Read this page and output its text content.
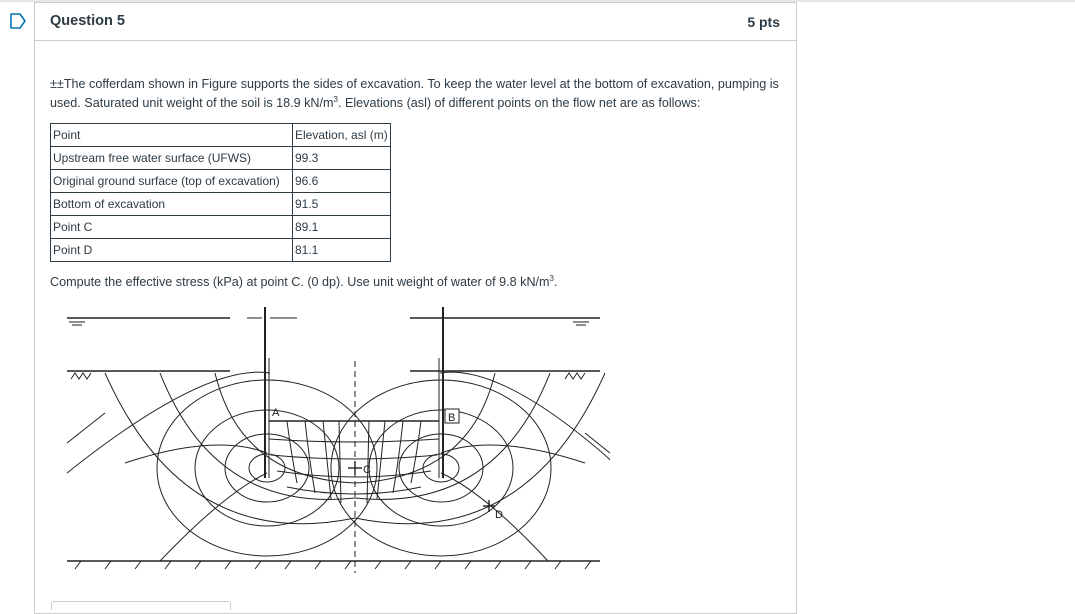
Question 5	5 pts
±±The cofferdam shown in Figure supports the sides of excavation. To keep the water level at the bottom of excavation, pumping is used. Saturated unit weight of the soil is 18.9 $kN/m^3$. Elevations (asl) of different points on the flow net are as follows:
Point	Elevation, asl (m)
Upstream free water surface (UFWS)	99.3
Original ground surface (top of excavation)	96.6
Bottom of excavation	91.5
Point C	89.1
Point D	81.1
Compute the effective stress (kPa) at point C. (0 dp). Use unit weight of water of 9.8 $kN/m^3$.
A	B
C
D
